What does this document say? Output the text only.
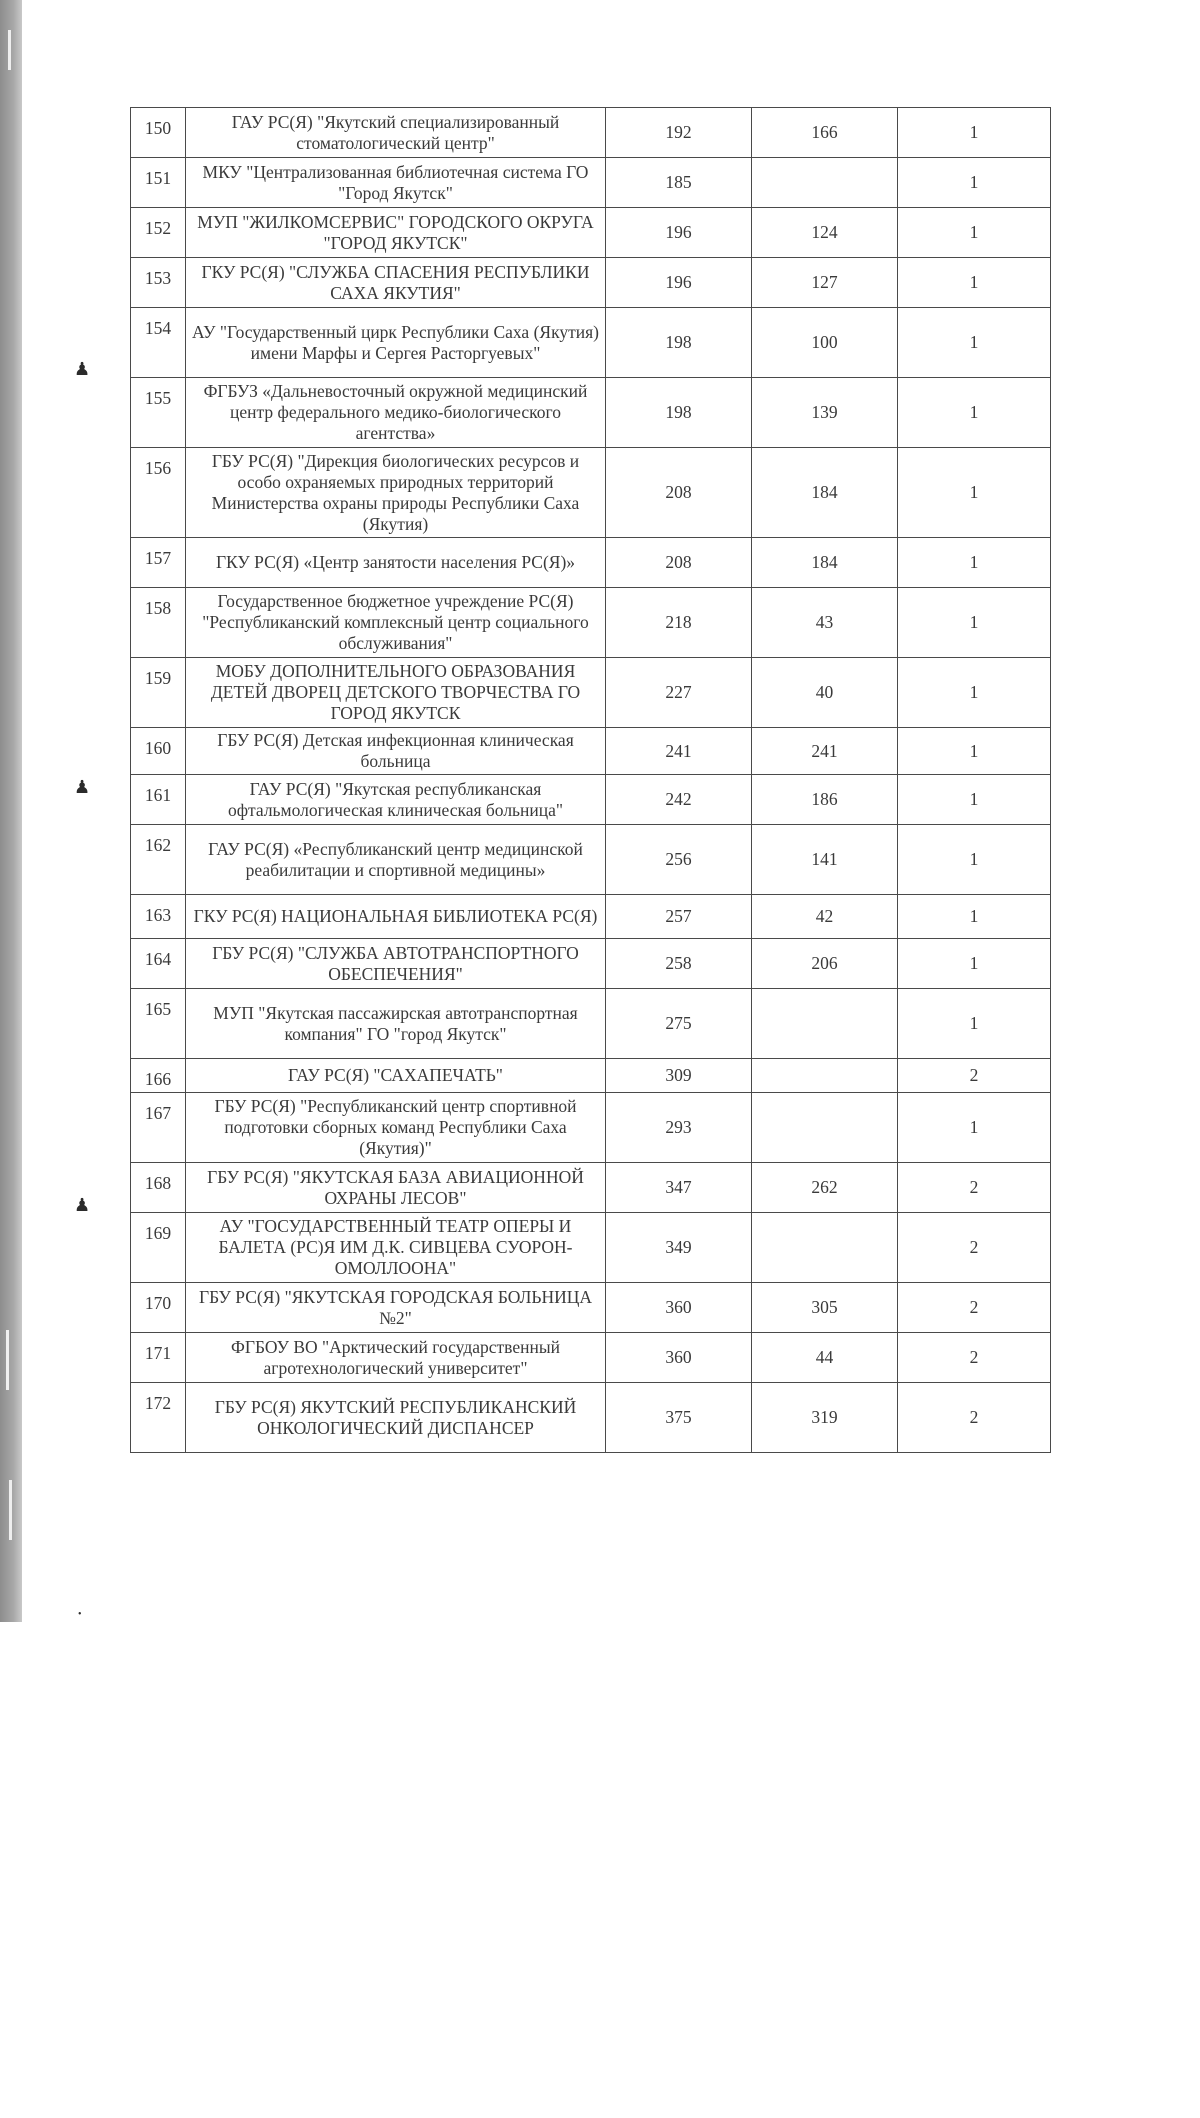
♟
♟
♟
•
150	ГАУ РС(Я) "Якутский специализированный стоматологический центр"	192	166	1
151	МКУ "Централизованная библиотечная система ГО "Город Якутск"	185		1
152	МУП "ЖИЛКОМСЕРВИС" ГОРОДСКОГО ОКРУГА "ГОРОД ЯКУТСК"	196	124	1
153	ГКУ РС(Я) "СЛУЖБА СПАСЕНИЯ РЕСПУБЛИКИ САХА ЯКУТИЯ"	196	127	1
154	АУ "Государственный цирк Республики Саха (Якутия) имени Марфы и Сергея Расторгуевых"	198	100	1
155	ФГБУЗ «Дальневосточный окружной медицинский центр федерального медико-биологического агентства»	198	139	1
156	ГБУ РС(Я) "Дирекция биологических ресурсов и особо охраняемых природных территорий Министерства охраны природы Республики Саха (Якутия)	208	184	1
157	ГКУ РС(Я) «Центр занятости населения РС(Я)»	208	184	1
158	Государственное бюджетное учреждение РС(Я) "Республиканский комплексный центр социального обслуживания"	218	43	1
159	МОБУ ДОПОЛНИТЕЛЬНОГО ОБРАЗОВАНИЯ ДЕТЕЙ ДВОРЕЦ ДЕТСКОГО ТВОРЧЕСТВА ГО ГОРОД ЯКУТСК	227	40	1
160	ГБУ РС(Я) Детская инфекционная клиническая больница	241	241	1
161	ГАУ РС(Я) "Якутская республиканская офтальмологическая клиническая больница"	242	186	1
162	ГАУ РС(Я) «Республиканский центр медицинской реабилитации и спортивной медицины»	256	141	1
163	ГКУ РС(Я) НАЦИОНАЛЬНАЯ БИБЛИОТЕКА РС(Я)	257	42	1
164	ГБУ РС(Я) "СЛУЖБА АВТОТРАНСПОРТНОГО ОБЕСПЕЧЕНИЯ"	258	206	1
165	МУП "Якутская пассажирская автотранспортная компания" ГО "город Якутск"	275		1
166	ГАУ РС(Я) "САХАПЕЧАТЬ"	309		2
167	ГБУ РС(Я) "Республиканский центр спортивной подготовки сборных команд Республики Саха (Якутия)"	293		1
168	ГБУ РС(Я) "ЯКУТСКАЯ БАЗА АВИАЦИОННОЙ ОХРАНЫ ЛЕСОВ"	347	262	2
169	АУ "ГОСУДАРСТВЕННЫЙ ТЕАТР ОПЕРЫ И БАЛЕТА (РС)Я ИМ Д.К. СИВЦЕВА СУОРОН-ОМОЛЛООНА"	349		2
170	ГБУ РС(Я) "ЯКУТСКАЯ ГОРОДСКАЯ БОЛЬНИЦА №2"	360	305	2
171	ФГБОУ ВО "Арктический государственный агротехнологический университет"	360	44	2
172	ГБУ РС(Я) ЯКУТСКИЙ РЕСПУБЛИКАНСКИЙ ОНКОЛОГИЧЕСКИЙ ДИСПАНСЕР	375	319	2
